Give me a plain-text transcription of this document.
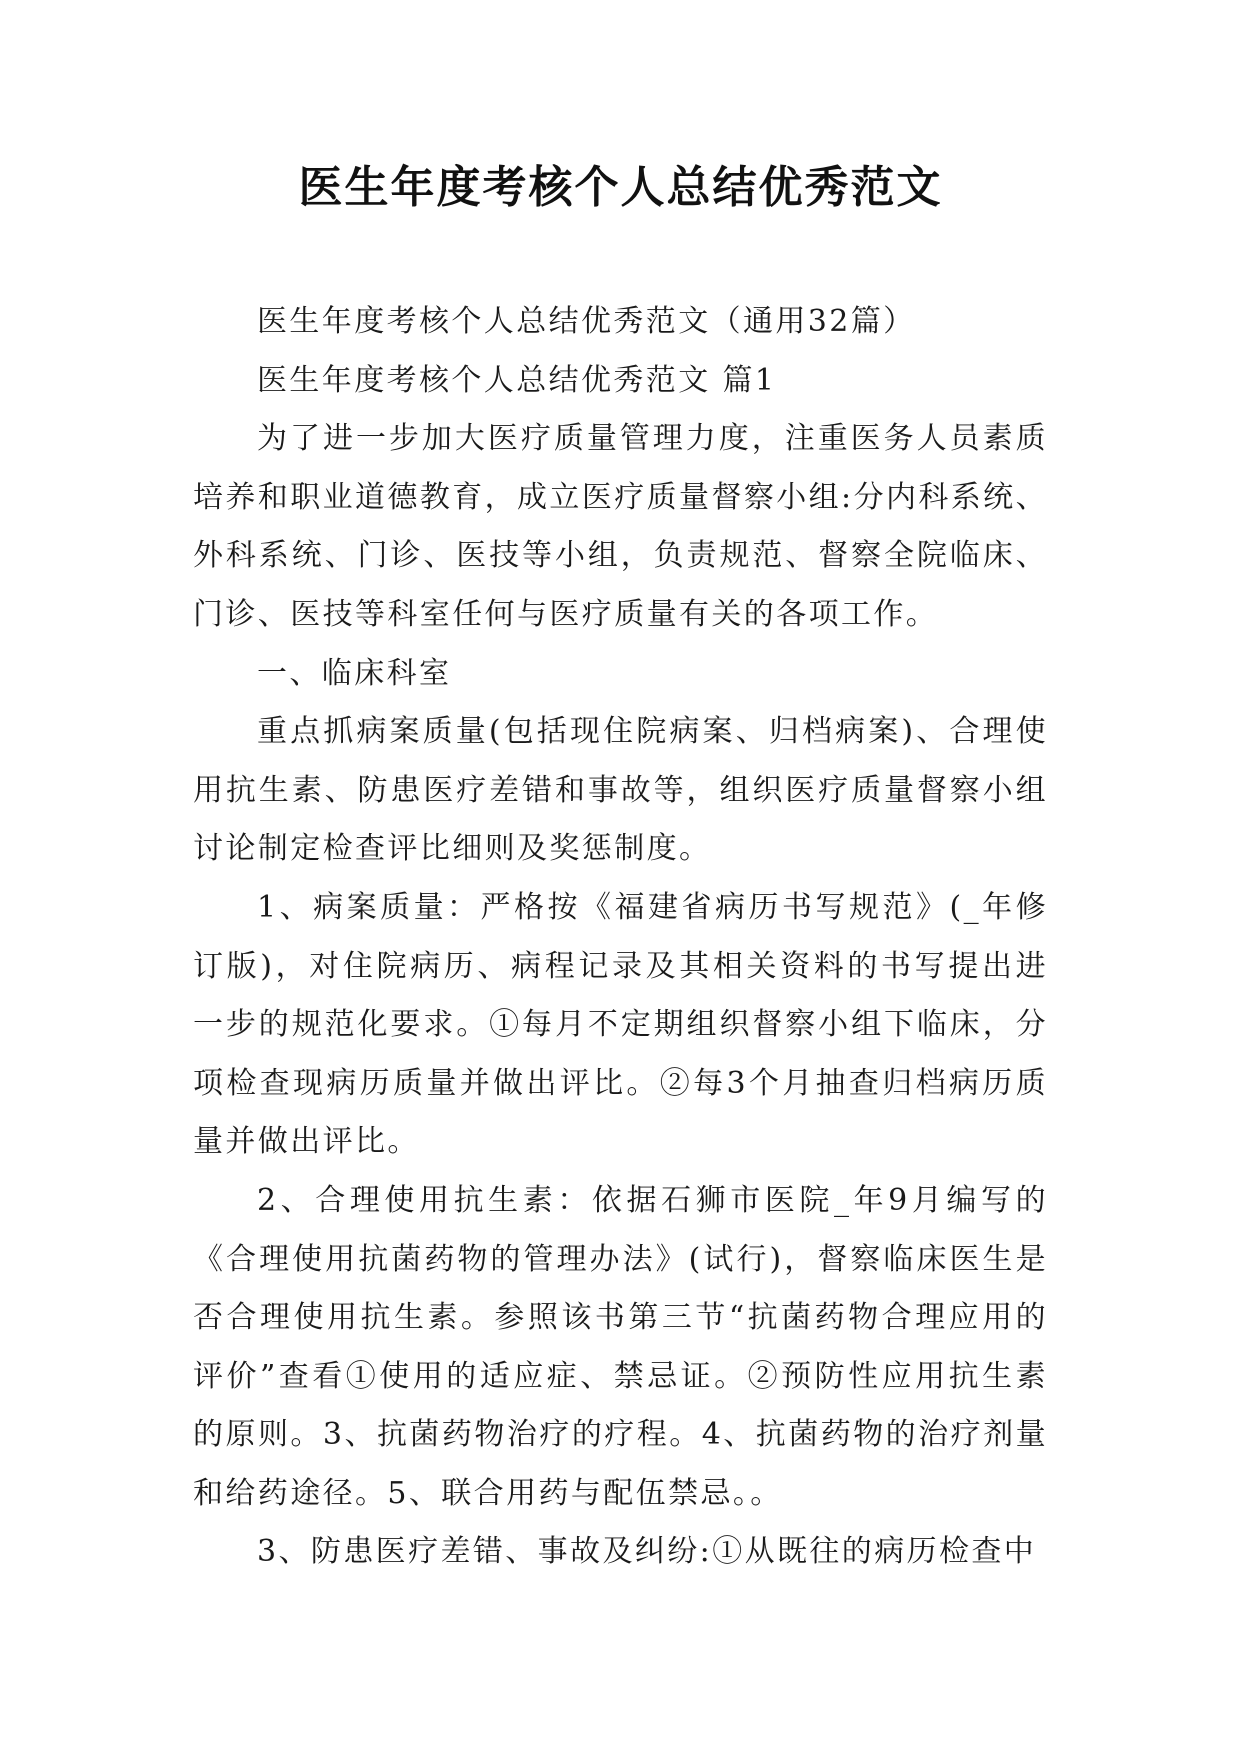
医生年度考核个人总结优秀范文

医生年度考核个人总结优秀范文（通用32篇）

医生年度考核个人总结优秀范文 篇1

为了进一步加大医疗质量管理力度，注重医务人员素质培养和职业道德教育，成立医疗质量督察小组:分内科系统、外科系统、门诊、医技等小组，负责规范、督察全院临床、门诊、医技等科室任何与医疗质量有关的各项工作。

一、临床科室

重点抓病案质量(包括现住院病案、归档病案)、合理使用抗生素、防患医疗差错和事故等，组织医疗质量督察小组讨论制定检查评比细则及奖惩制度。

1、病案质量：严格按《福建省病历书写规范》(_年修订版)，对住院病历、病程记录及其相关资料的书写提出进一步的规范化要求。①每月不定期组织督察小组下临床，分项检查现病历质量并做出评比。②每3个月抽查归档病历质量并做出评比。

2、合理使用抗生素：依据石狮市医院_年9月编写的《合理使用抗菌药物的管理办法》(试行)，督察临床医生是否合理使用抗生素。参照该书第三节“抗菌药物合理应用的评价”查看①使用的适应症、禁忌证。②预防性应用抗生素的原则。3、抗菌药物治疗的疗程。4、抗菌药物的治疗剂量和给药途径。5、联合用药与配伍禁忌。。

3、防患医疗差错、事故及纠纷:①从既往的病历检查中
